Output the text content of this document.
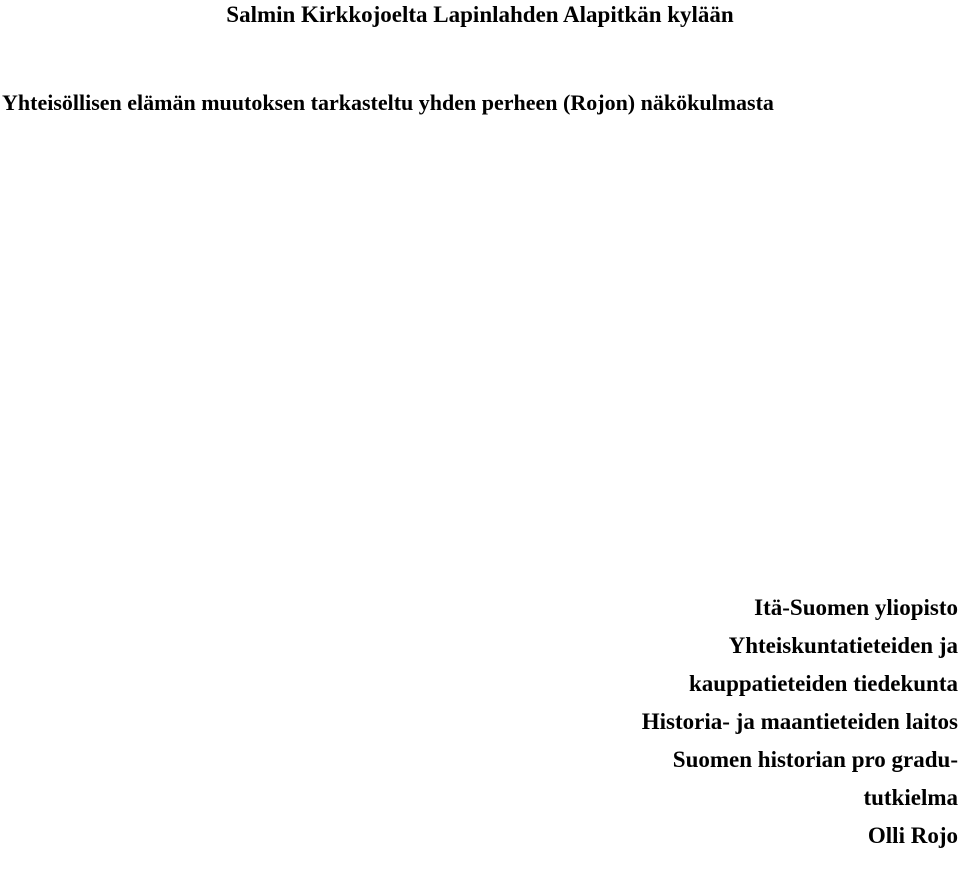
Salmin Kirkkojoelta Lapinlahden Alapitkän kylään
Yhteisöllisen elämän muutoksen tarkasteltu yhden perheen (Rojon) näkökulmasta
Itä-Suomen yliopisto
Yhteiskuntatieteiden ja
kauppatieteiden tiedekunta
Historia- ja maantieteiden laitos
Suomen historian pro gradu-
tutkielma
Olli Rojo
